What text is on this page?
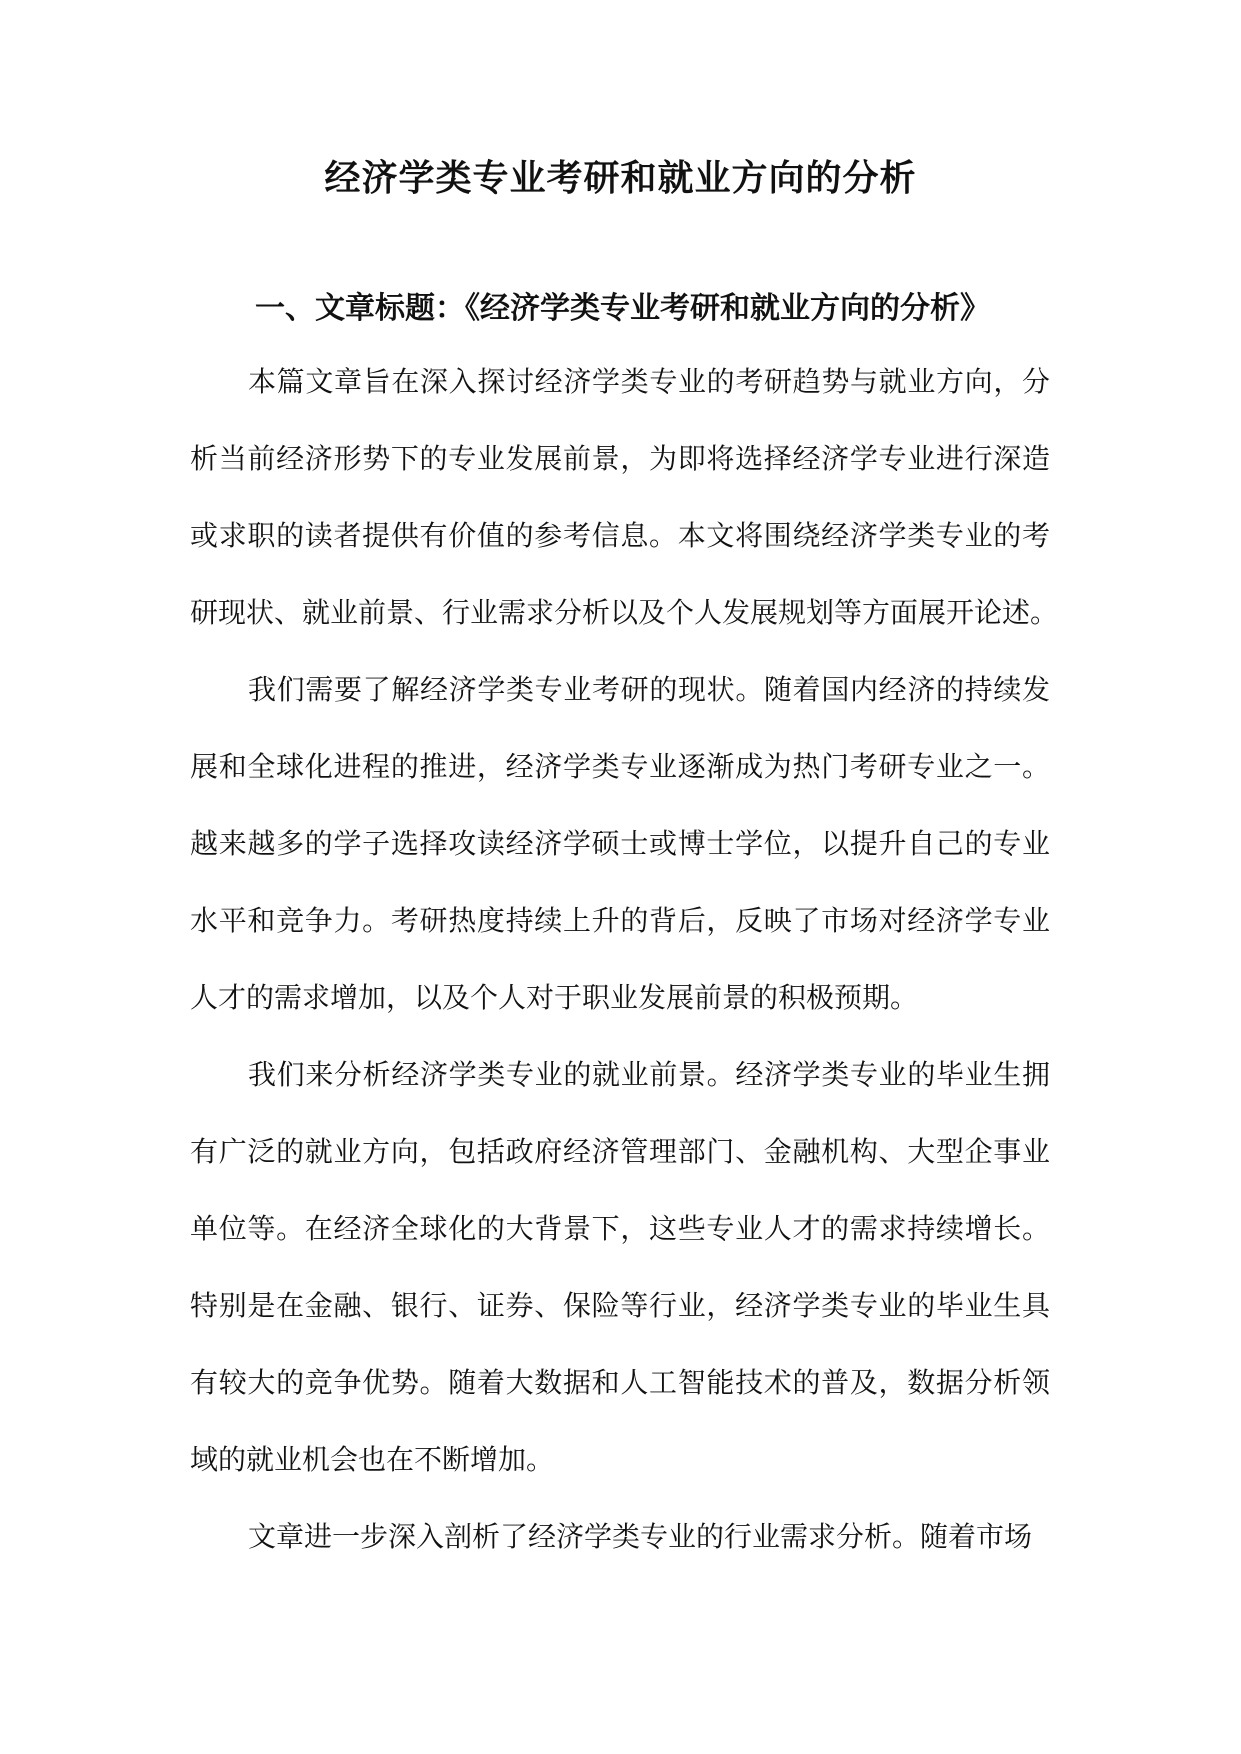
经济学类专业考研和就业方向的分析
一、文章标题：《经济学类专业考研和就业方向的分析》

本篇文章旨在深入探讨经济学类专业的考研趋势与就业方向，分
析当前经济形势下的专业发展前景，为即将选择经济学专业进行深造
或求职的读者提供有价值的参考信息。本文将围绕经济学类专业的考
研现状、就业前景、行业需求分析以及个人发展规划等方面展开论述。

我们需要了解经济学类专业考研的现状。随着国内经济的持续发
展和全球化进程的推进，经济学类专业逐渐成为热门考研专业之一。
越来越多的学子选择攻读经济学硕士或博士学位，以提升自己的专业
水平和竞争力。考研热度持续上升的背后，反映了市场对经济学专业
人才的需求增加，以及个人对于职业发展前景的积极预期。

我们来分析经济学类专业的就业前景。经济学类专业的毕业生拥
有广泛的就业方向，包括政府经济管理部门、金融机构、大型企事业
单位等。在经济全球化的大背景下，这些专业人才的需求持续增长。
特别是在金融、银行、证券、保险等行业，经济学类专业的毕业生具
有较大的竞争优势。随着大数据和人工智能技术的普及，数据分析领
域的就业机会也在不断增加。

文章进一步深入剖析了经济学类专业的行业需求分析。随着市场
